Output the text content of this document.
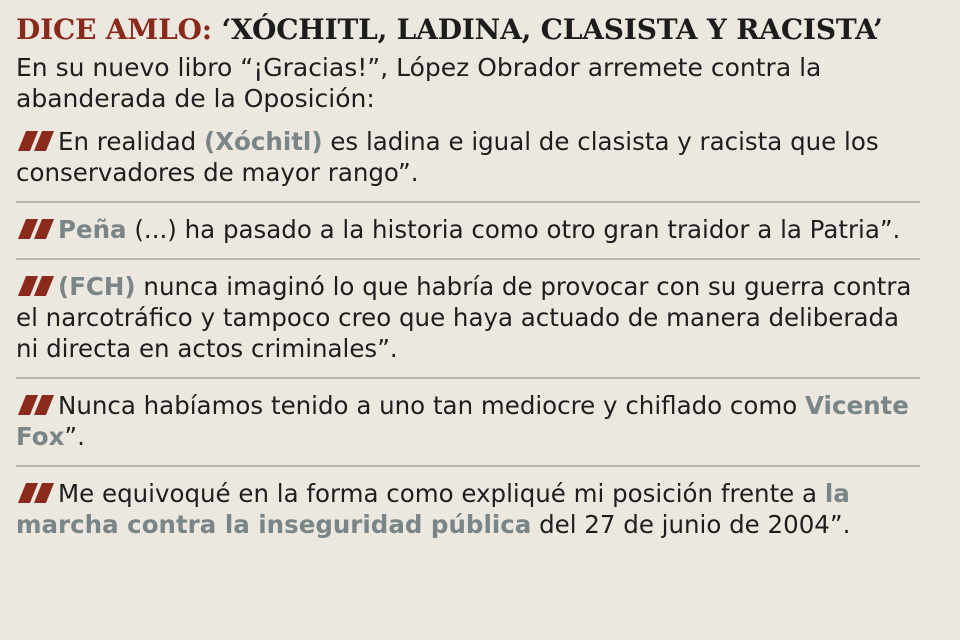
DICE AMLO: ‘XÓCHITL, LADINA, CLASISTA Y RACISTA’
En su nuevo libro “¡Gracias!”, López Obrador arremete contra la abanderada de la Oposición:
En realidad (Xóchitl) es ladina e igual de clasista y racista que los conservadores de mayor rango”.
Peña (...) ha pasado a la historia como otro gran traidor a la Patria”.
(FCH) nunca imaginó lo que habría de provocar con su guerra contra el narcotráfico y tampoco creo que haya actuado de manera deliberada ni directa en actos criminales”.
Nunca habíamos tenido a uno tan mediocre y chiflado como Vicente Fox”.
Me equivoqué en la forma como expliqué mi posición frente a la marcha contra la inseguridad pública del 27 de junio de 2004”.
